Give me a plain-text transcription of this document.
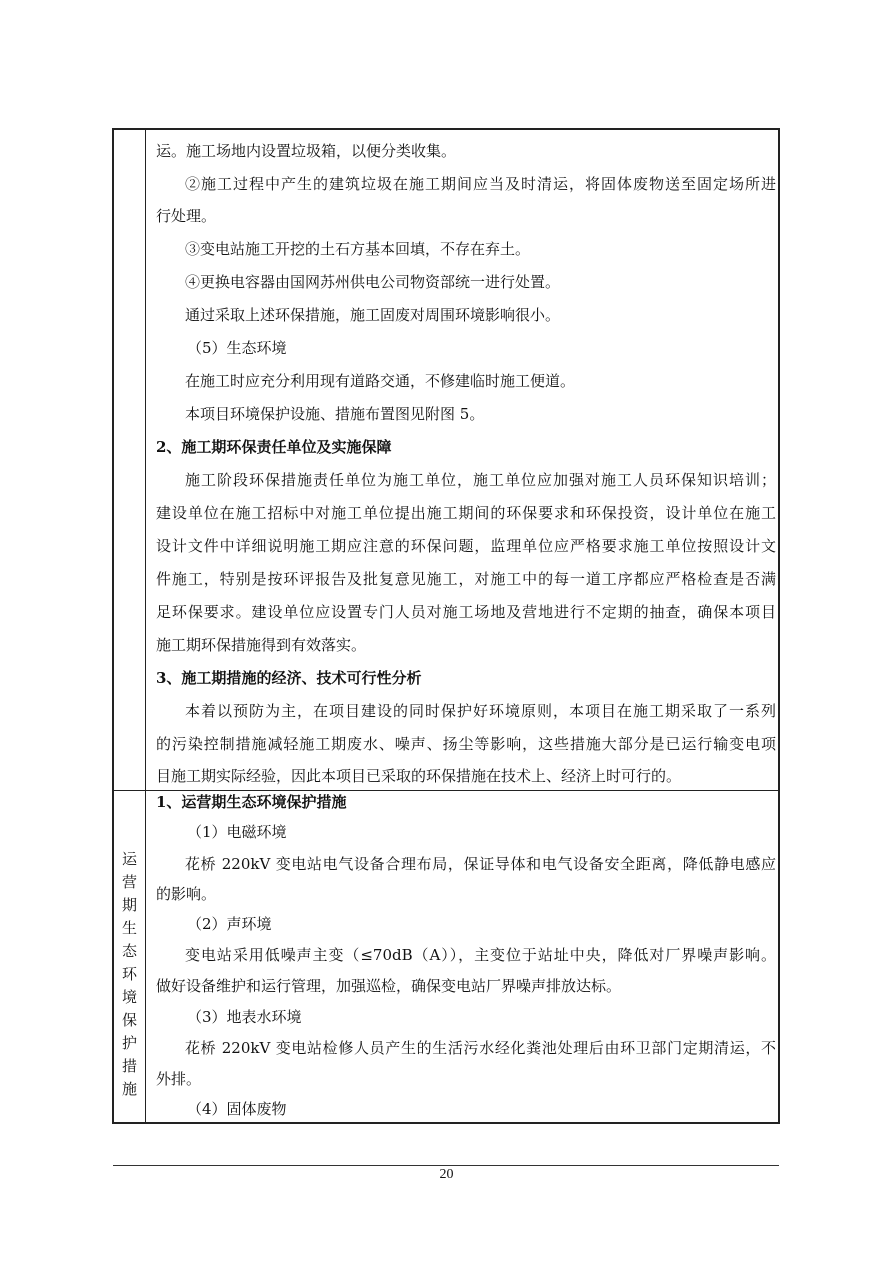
运。施工场地内设置垃圾箱，以便分类收集。
②施工过程中产生的建筑垃圾在施工期间应当及时清运，将固体废物送至固定场所进
行处理。
③变电站施工开挖的土石方基本回填，不存在弃土。
④更换电容器由国网苏州供电公司物资部统一进行处置。
通过采取上述环保措施，施工固废对周围环境影响很小。
（5）生态环境
在施工时应充分利用现有道路交通，不修建临时施工便道。
本项目环境保护设施、措施布置图见附图 5。
2、施工期环保责任单位及实施保障
施工阶段环保措施责任单位为施工单位，施工单位应加强对施工人员环保知识培训；
建设单位在施工招标中对施工单位提出施工期间的环保要求和环保投资，设计单位在施工
设计文件中详细说明施工期应注意的环保问题，监理单位应严格要求施工单位按照设计文
件施工，特别是按环评报告及批复意见施工，对施工中的每一道工序都应严格检查是否满
足环保要求。建设单位应设置专门人员对施工场地及营地进行不定期的抽查，确保本项目
施工期环保措施得到有效落实。
3、施工期措施的经济、技术可行性分析
本着以预防为主，在项目建设的同时保护好环境原则，本项目在施工期采取了一系列
的污染控制措施减轻施工期废水、噪声、扬尘等影响，这些措施大部分是已运行输变电项
目施工期实际经验，因此本项目已采取的环保措施在技术上、经济上时可行的。
运
营
期
生
态
环
境
保
护
措
施
1、运营期生态环境保护措施
（1）电磁环境
花桥 220kV 变电站电气设备合理布局，保证导体和电气设备安全距离，降低静电感应
的影响。
（2）声环境
变电站采用低噪声主变（≤70dB（A）），主变位于站址中央，降低对厂界噪声影响。
做好设备维护和运行管理，加强巡检，确保变电站厂界噪声排放达标。
（3）地表水环境
花桥 220kV 变电站检修人员产生的生活污水经化粪池处理后由环卫部门定期清运，不
外排。
（4）固体废物
20
